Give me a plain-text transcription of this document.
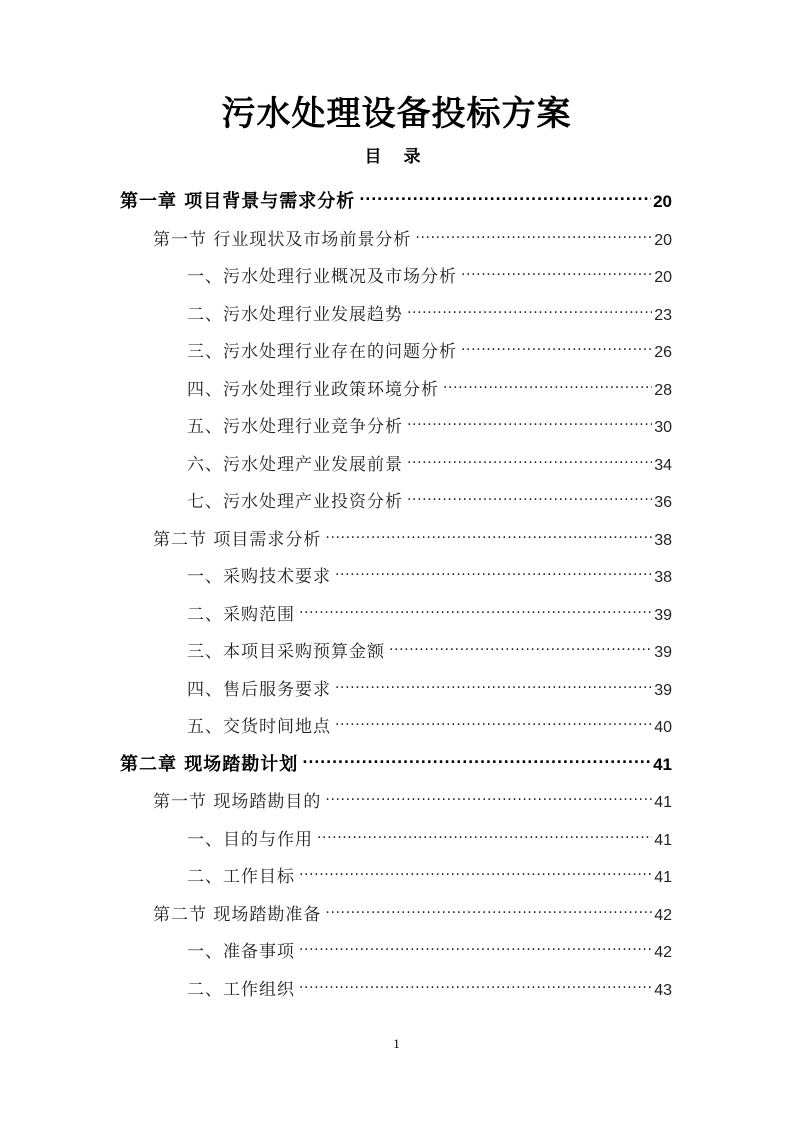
污水处理设备投标方案
目 录
第一章 项目背景与需求分析 .....	20
第一节 行业现状及市场前景分析 .....	20
一、污水处理行业概况及市场分析 .....	20
二、污水处理行业发展趋势 .....	23
三、污水处理行业存在的问题分析 .....	26
四、污水处理行业政策环境分析 .....	28
五、污水处理行业竞争分析 .....	30
六、污水处理产业发展前景 .....	34
七、污水处理产业投资分析 .....	36
第二节 项目需求分析 .....	38
一、采购技术要求 .....	38
二、采购范围 .....	39
三、本项目采购预算金额 .....	39
四、售后服务要求 .....	39
五、交货时间地点 .....	40
第二章 现场踏勘计划 .....	41
第一节 现场踏勘目的 .....	41
一、目的与作用 .....	41
二、工作目标 .....	41
第二节 现场踏勘准备 .....	42
一、准备事项 .....	42
二、工作组织 .....	43
1
